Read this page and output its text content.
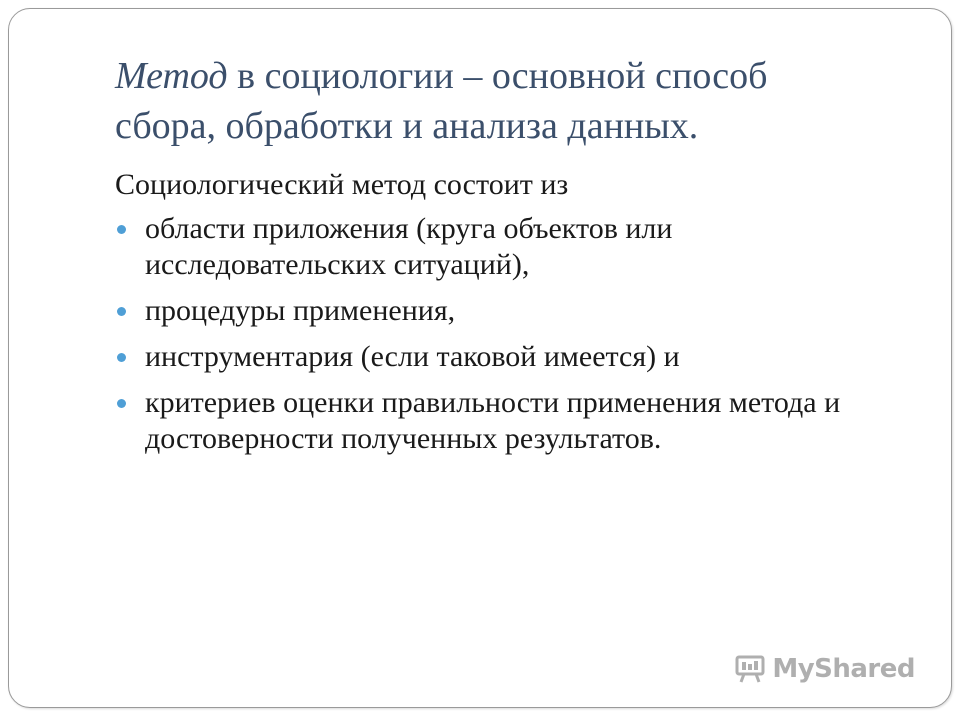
Метод в социологии – основной способ сбора, обработки и анализа данных.

Социологический метод состоит из

области приложения (круга объектов или исследовательских ситуаций),
процедуры применения,
инструментария (если таковой имеется) и
критериев оценки правильности применения метода и достоверности полученных результатов.
MyShared
